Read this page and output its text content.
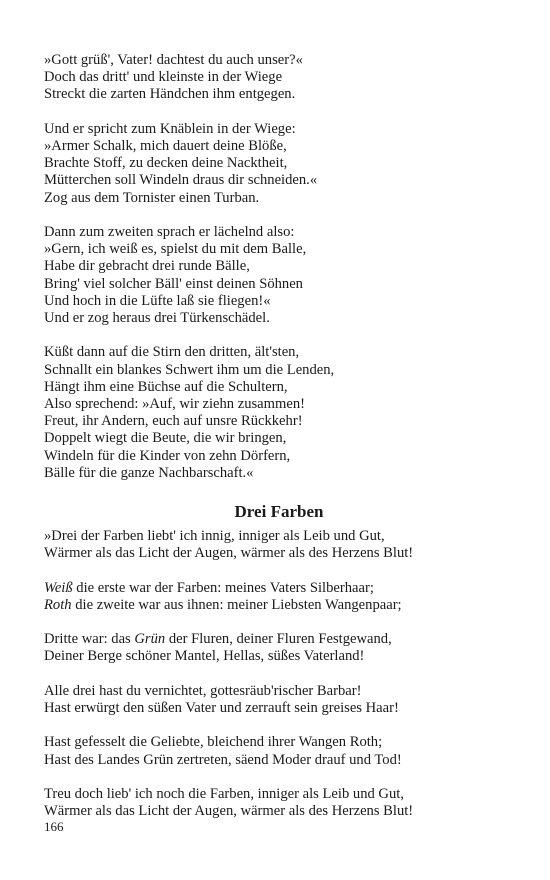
»Gott grüß', Vater! dachtest du auch unser?«
Doch das dritt' und kleinste in der Wiege
Streckt die zarten Händchen ihm entgegen.
Und er spricht zum Knäblein in der Wiege:
»Armer Schalk, mich dauert deine Blöße,
Brachte Stoff, zu decken deine Nacktheit,
Mütterchen soll Windeln draus dir schneiden.«
Zog aus dem Tornister einen Turban.
Dann zum zweiten sprach er lächelnd also:
»Gern, ich weiß es, spielst du mit dem Balle,
Habe dir gebracht drei runde Bälle,
Bring' viel solcher Bäll' einst deinen Söhnen
Und hoch in die Lüfte laß sie fliegen!«
Und er zog heraus drei Türkenschädel.
Küßt dann auf die Stirn den dritten, ält'sten,
Schnallt ein blankes Schwert ihm um die Lenden,
Hängt ihm eine Büchse auf die Schultern,
Also sprechend: »Auf, wir ziehn zusammen!
Freut, ihr Andern, euch auf unsre Rückkehr!
Doppelt wiegt die Beute, die wir bringen,
Windeln für die Kinder von zehn Dörfern,
Bälle für die ganze Nachbarschaft.«
Drei Farben
»Drei der Farben liebt' ich innig, inniger als Leib und Gut,
Wärmer als das Licht der Augen, wärmer als des Herzens Blut!
Weiß die erste war der Farben: meines Vaters Silberhaar;
Roth die zweite war aus ihnen: meiner Liebsten Wangenpaar;
Dritte war: das Grün der Fluren, deiner Fluren Festgewand,
Deiner Berge schöner Mantel, Hellas, süßes Vaterland!
Alle drei hast du vernichtet, gottesräub'rischer Barbar!
Hast erwürgt den süßen Vater und zerrauft sein greises Haar!
Hast gefesselt die Geliebte, bleichend ihrer Wangen Roth;
Hast des Landes Grün zertreten, säend Moder drauf und Tod!
Treu doch lieb' ich noch die Farben, inniger als Leib und Gut,
Wärmer als das Licht der Augen, wärmer als des Herzens Blut!
166
